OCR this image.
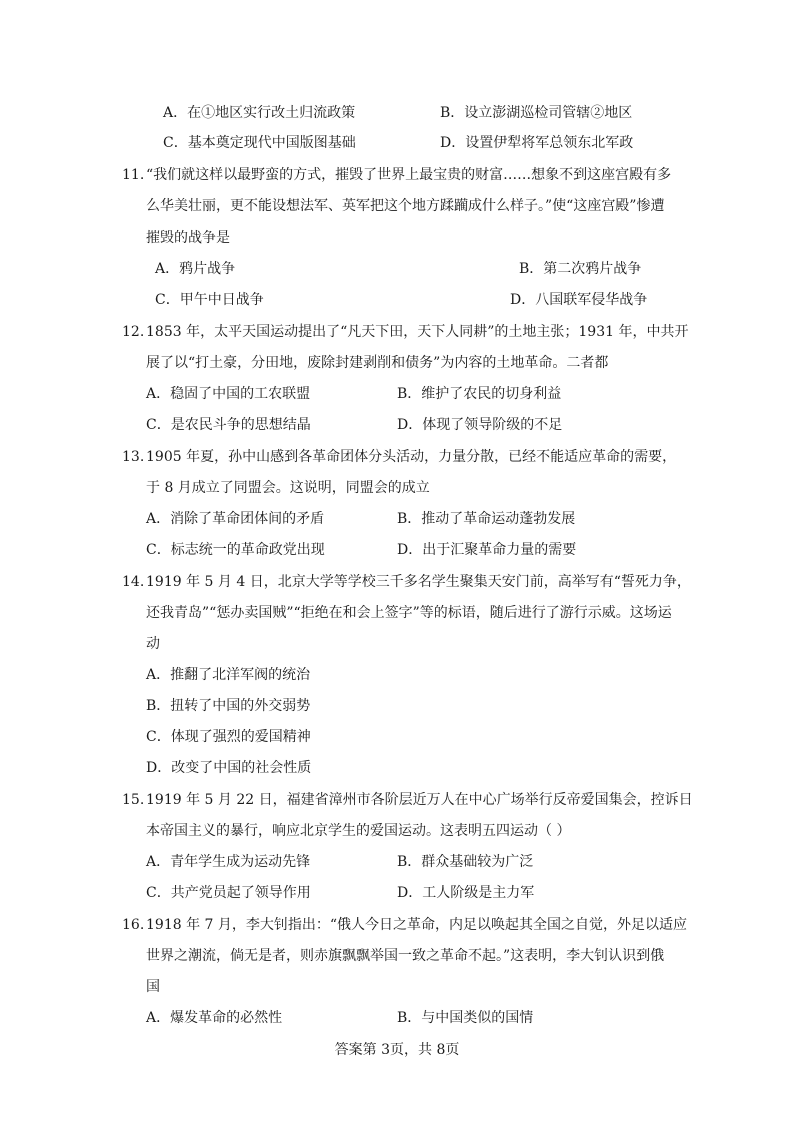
A．在①地区实行改土归流政策	B．设立澎湖巡检司管辖②地区
C．基本奠定现代中国版图基础	D．设置伊犁将军总领东北军政
11. “我们就这样以最野蛮的方式，摧毁了世界上最宝贵的财富……想象不到这座宫殿有多
么华美壮丽，更不能设想法军、英军把这个地方蹂躏成什么样子。”使“这座宫殿”惨遭
摧毁的战争是
A．鸦片战争	B．第二次鸦片战争
C．甲午中日战争	D．八国联军侵华战争
12. 1853 年，太平天国运动提出了“凡天下田，天下人同耕”的土地主张；1931 年，中共开
展了以“打土豪，分田地，废除封建剥削和债务”为内容的土地革命。二者都
A．稳固了中国的工农联盟	B．维护了农民的切身利益
C．是农民斗争的思想结晶	D．体现了领导阶级的不足
13. 1905 年夏，孙中山感到各革命团体分头活动，力量分散，已经不能适应革命的需要，
于 8 月成立了同盟会。这说明，同盟会的成立
A．消除了革命团体间的矛盾	B．推动了革命运动蓬勃发展
C．标志统一的革命政党出现	D．出于汇聚革命力量的需要
14. 1919 年 5 月 4 日，北京大学等学校三千多名学生聚集天安门前，高举写有“誓死力争，
还我青岛”“惩办卖国贼”“拒绝在和会上签字”等的标语，随后进行了游行示威。这场运
动
A．推翻了北洋军阀的统治
B．扭转了中国的外交弱势
C．体现了强烈的爱国精神
D．改变了中国的社会性质
15. 1919 年 5 月 22 日，福建省漳州市各阶层近万人在中心广场举行反帝爱国集会，控诉日
本帝国主义的暴行，响应北京学生的爱国运动。这表明五四运动（ ）
A．青年学生成为运动先锋	B．群众基础较为广泛
C．共产党员起了领导作用	D．工人阶级是主力军
16. 1918 年 7 月，李大钊指出：“俄人今日之革命，内足以唤起其全国之自觉，外足以适应
世界之潮流，倘无是者，则赤旗飘飘举国一致之革命不起。”这表明，李大钊认识到俄
国
A．爆发革命的必然性	B．与中国类似的国情
答案第 3页，共 8页
